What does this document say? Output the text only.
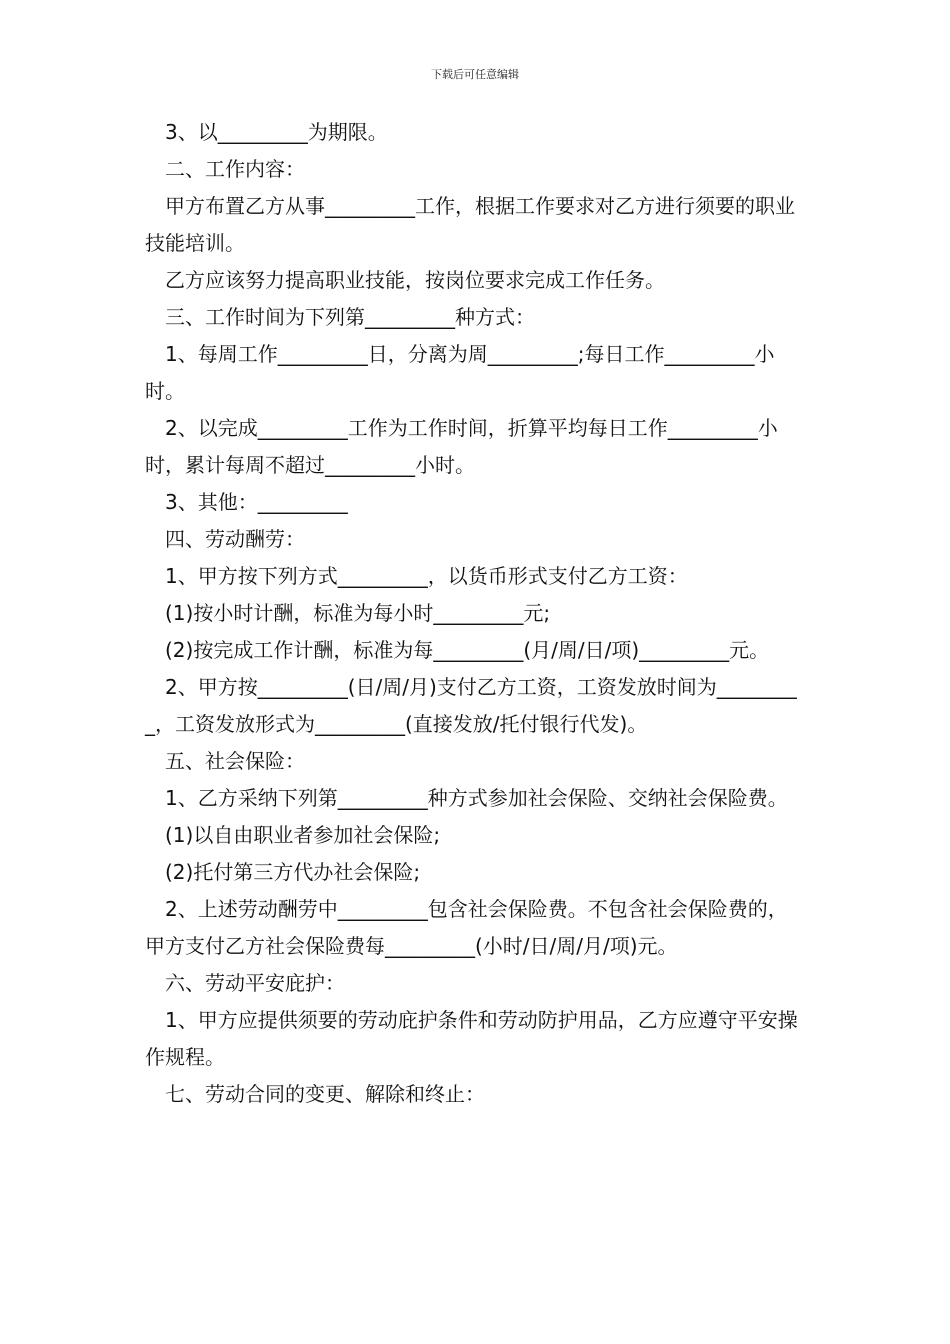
下载后可任意编辑

3、以_________为期限。

二、工作内容：

甲方布置乙方从事_________工作，根据工作要求对乙方进行须要的职业技能培训。

乙方应该努力提高职业技能，按岗位要求完成工作任务。

三、工作时间为下列第_________种方式：

1、每周工作_________日，分离为周_________;每日工作_________小时。

2、以完成_________工作为工作时间，折算平均每日工作_________小时，累计每周不超过_________小时。

3、其他：_________

四、劳动酬劳：

1、甲方按下列方式_________，以货币形式支付乙方工资：

(1)按小时计酬，标准为每小时_________元;

(2)按完成工作计酬，标准为每_________(月/周/日/项)_________元。

2、甲方按_________(日/周/月)支付乙方工资，工资发放时间为_________，工资发放形式为_________(直接发放/托付银行代发)。

五、社会保险：

1、乙方采纳下列第_________种方式参加社会保险、交纳社会保险费。

(1)以自由职业者参加社会保险;

(2)托付第三方代办社会保险;

2、上述劳动酬劳中_________包含社会保险费。不包含社会保险费的，甲方支付乙方社会保险费每_________(小时/日/周/月/项)元。

六、劳动平安庇护：

1、甲方应提供须要的劳动庇护条件和劳动防护用品，乙方应遵守平安操作规程。

七、劳动合同的变更、解除和终止：
